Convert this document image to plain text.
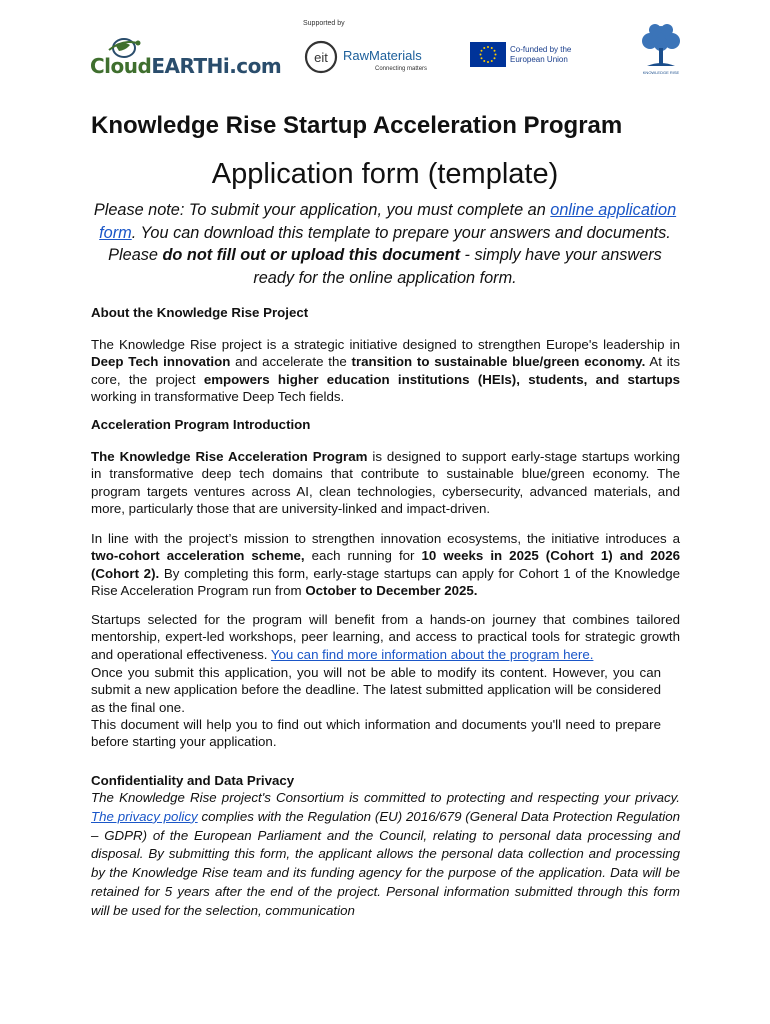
CloudEARTHi.com
Supported by
eit RawMaterials
Connecting matters
Co-funded by the
European Union
KNOWLEDGE RISE
Knowledge Rise Startup Acceleration Program
Application form (template)
Please note: To submit your application, you must complete an online application form. You can download this template to prepare your answers and documents. Please do not fill out or upload this document - simply have your answers ready for the online application form.
About the Knowledge Rise Project
The Knowledge Rise project is a strategic initiative designed to strengthen Europe's leadership in Deep Tech innovation and accelerate the transition to sustainable blue/green economy. At its core, the project empowers higher education institutions (HEIs), students, and startups working in transformative Deep Tech fields.
Acceleration Program Introduction
The Knowledge Rise Acceleration Program is designed to support early-stage startups working in transformative deep tech domains that contribute to sustainable blue/green economy. The program targets ventures across AI, clean technologies, cybersecurity, advanced materials, and more, particularly those that are university-linked and impact-driven.
In line with the project’s mission to strengthen innovation ecosystems, the initiative introduces a two-cohort acceleration scheme, each running for 10 weeks in 2025 (Cohort 1) and 2026 (Cohort 2). By completing this form, early-stage startups can apply for Cohort 1 of the Knowledge Rise Acceleration Program run from October to December 2025.
Startups selected for the program will benefit from a hands-on journey that combines tailored mentorship, expert-led workshops, peer learning, and access to practical tools for strategic growth and operational effectiveness. You can find more information about the program here.
Once you submit this application, you will not be able to modify its content. However, you can submit a new application before the deadline. The latest submitted application will be considered as the final one.
This document will help you to find out which information and documents you'll need to prepare before starting your application.
Confidentiality and Data Privacy
The Knowledge Rise project's Consortium is committed to protecting and respecting your privacy. The privacy policy complies with the Regulation (EU) 2016/679 (General Data Protection Regulation – GDPR) of the European Parliament and the Council, relating to personal data processing and disposal. By submitting this form, the applicant allows the personal data collection and processing by the Knowledge Rise team and its funding agency for the purpose of the application. Data will be retained for 5 years after the end of the project. Personal information submitted through this form will be used for the selection, communication
